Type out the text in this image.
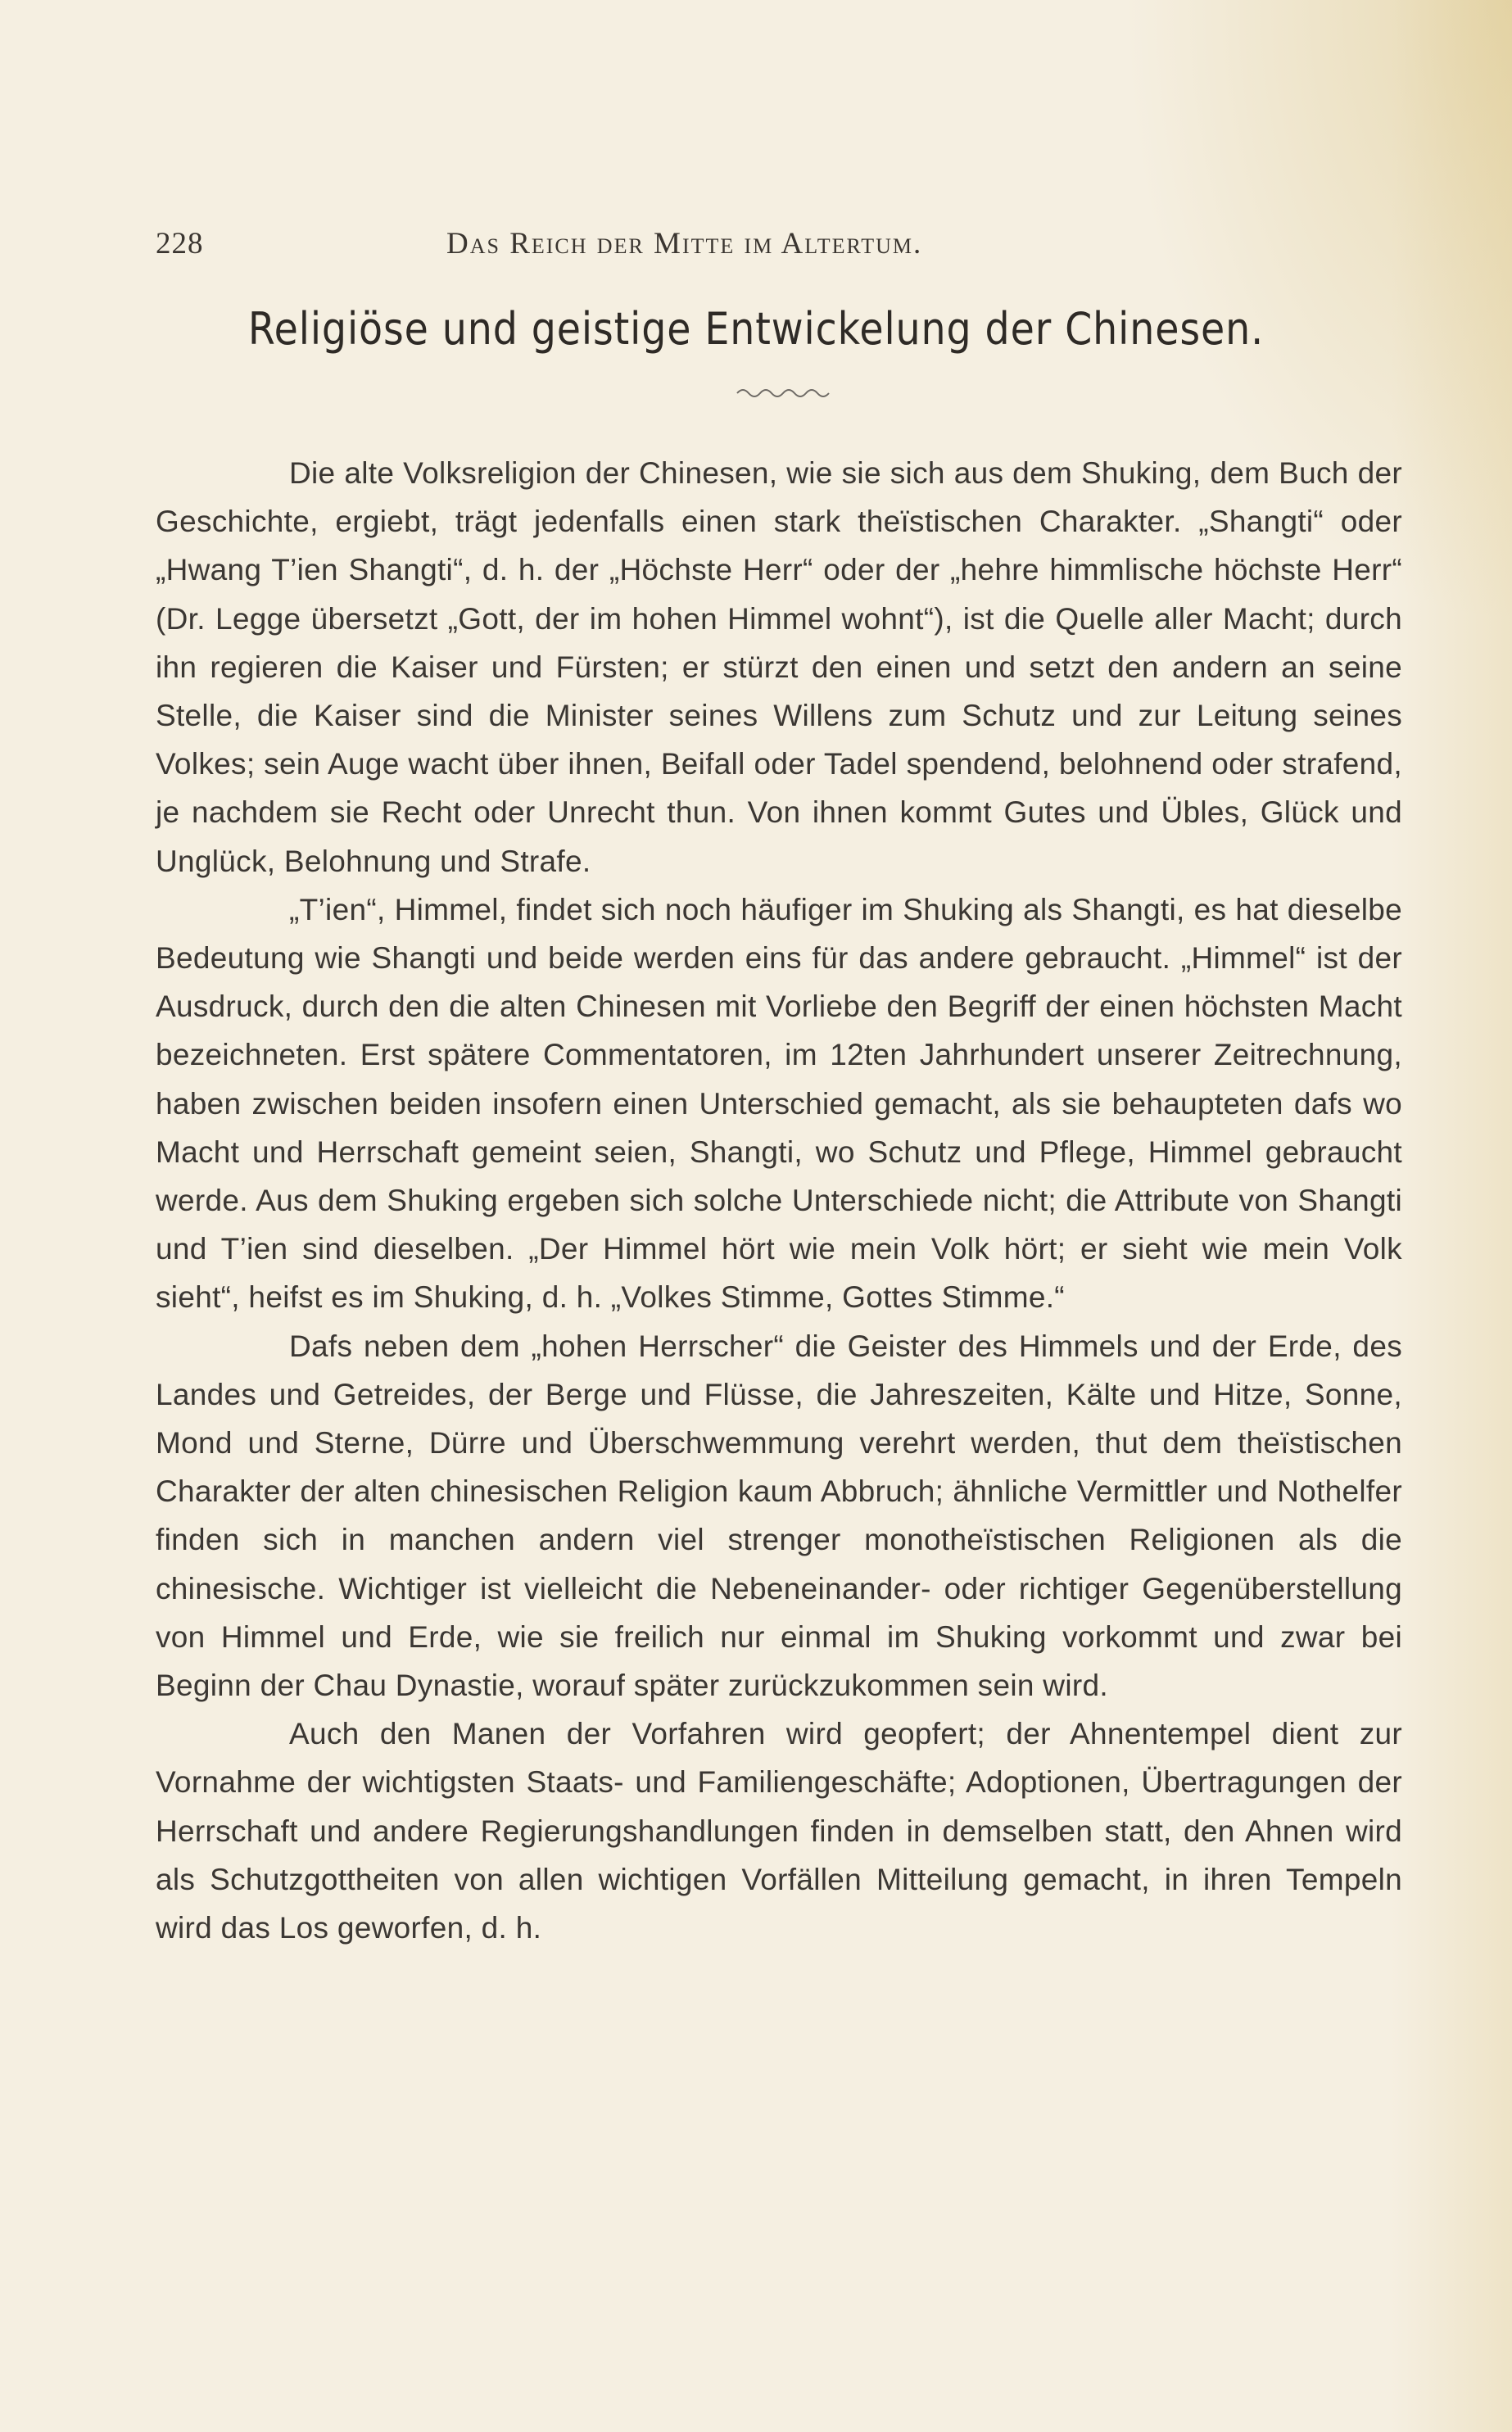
228	Das Reich der Mitte im Altertum.
Religiöse und geistige Entwickelung der Chinesen.

Die alte Volksreligion der Chinesen, wie sie sich aus dem Shuking, dem Buch der Geschichte, ergiebt, trägt jedenfalls einen stark theïstischen Charakter. „Shangti“ oder „Hwang T’ien Shangti“, d. h. der „Höchste Herr“ oder der „hehre himmlische höchste Herr“ (Dr. Legge übersetzt „Gott, der im hohen Himmel wohnt“), ist die Quelle aller Macht; durch ihn regieren die Kaiser und Fürsten; er stürzt den einen und setzt den andern an seine Stelle, die Kaiser sind die Minister seines Willens zum Schutz und zur Leitung seines Volkes; sein Auge wacht über ihnen, Beifall oder Tadel spendend, belohnend oder strafend, je nachdem sie Recht oder Unrecht thun. Von ihnen kommt Gutes und Übles, Glück und Unglück, Belohnung und Strafe.

„T’ien“, Himmel, findet sich noch häufiger im Shuking als Shangti, es hat dieselbe Bedeutung wie Shangti und beide werden eins für das andere gebraucht. „Himmel“ ist der Ausdruck, durch den die alten Chinesen mit Vorliebe den Begriff der einen höchsten Macht bezeichneten. Erst spätere Commentatoren, im 12ten Jahrhundert unserer Zeitrechnung, haben zwischen beiden insofern einen Unterschied gemacht, als sie behaupteten dafs wo Macht und Herrschaft gemeint seien, Shangti, wo Schutz und Pflege, Himmel gebraucht werde. Aus dem Shuking ergeben sich solche Unterschiede nicht; die Attribute von Shangti und T’ien sind dieselben. „Der Himmel hört wie mein Volk hört; er sieht wie mein Volk sieht“, heifst es im Shuking, d. h. „Volkes Stimme, Gottes Stimme.“

Dafs neben dem „hohen Herrscher“ die Geister des Himmels und der Erde, des Landes und Getreides, der Berge und Flüsse, die Jahreszeiten, Kälte und Hitze, Sonne, Mond und Sterne, Dürre und Überschwemmung verehrt werden, thut dem theïstischen Charakter der alten chinesischen Religion kaum Abbruch; ähnliche Vermittler und Nothelfer finden sich in manchen andern viel strenger monotheïstischen Religionen als die chinesische. Wichtiger ist vielleicht die Nebeneinander- oder richtiger Gegenüberstellung von Himmel und Erde, wie sie freilich nur einmal im Shuking vorkommt und zwar bei Beginn der Chau Dynastie, worauf später zurückzukommen sein wird.

Auch den Manen der Vorfahren wird geopfert; der Ahnentempel dient zur Vornahme der wichtigsten Staats- und Familiengeschäfte; Adoptionen, Übertragungen der Herrschaft und andere Regierungshandlungen finden in demselben statt, den Ahnen wird als Schutzgottheiten von allen wichtigen Vorfällen Mitteilung gemacht, in ihren Tempeln wird das Los geworfen, d. h.
